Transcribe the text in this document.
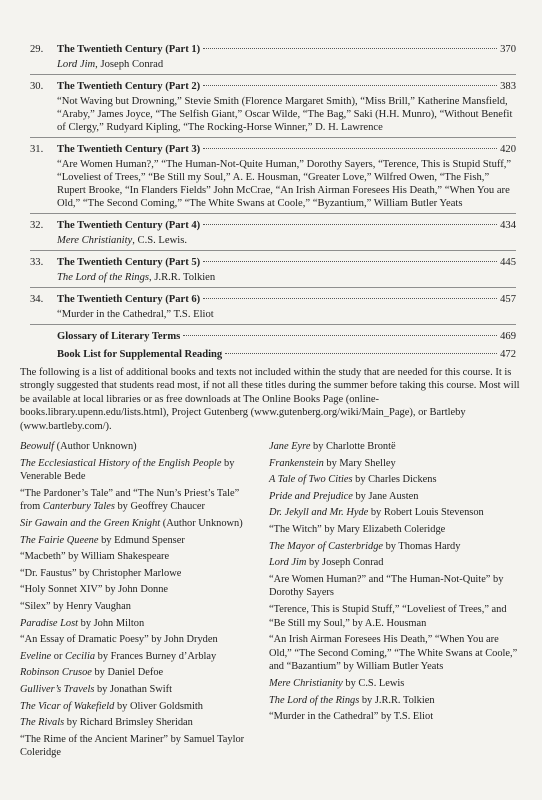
29.	The Twentieth Century (Part 1)	370
Lord Jim, Joseph Conrad
30.	The Twentieth Century (Part 2)	383
“Not Waving but Drowning,” Stevie Smith (Florence Margaret Smith), “Miss Brill,” Katherine Mansfield, “Araby,” James Joyce, “The Selfish Giant,” Oscar Wilde, “The Bag,” Saki (H.H. Munro), “Without Benefit of Clergy,” Rudyard Kipling, “The Rocking-Horse Winner,” D. H. Lawrence
31.	The Twentieth Century (Part 3)	420
“Are Women Human?,” “The Human-Not-Quite Human,” Dorothy Sayers, “Terence, This is Stupid Stuff,” “Loveliest of Trees,” “Be Still my Soul,” A. E. Housman, “Greater Love,” Wilfred Owen, “The Fish,” Rupert Brooke, “In Flanders Fields” John McCrae, “An Irish Airman Foresees His Death,” “When You are Old,” “The Second Coming,” “The White Swans at Coole,” “Byzantium,” William Butler Yeats
32.	The Twentieth Century (Part 4)	434
Mere Christianity, C.S. Lewis.
33.	The Twentieth Century (Part 5)	445
The Lord of the Rings, J.R.R. Tolkien
34.	The Twentieth Century (Part 6)	457
“Murder in the Cathedral,” T.S. Eliot
Glossary of Literary Terms	469
Book List for Supplemental Reading	472

The following is a list of additional books and texts not included within the study that are needed for this course. It is strongly suggested that students read most, if not all these titles during the summer before taking this course. Most will be available at local libraries or as free downloads at The Online Books Page (online-books.library.upenn.edu/lists.html), Project Gutenberg (www.gutenberg.org/wiki/Main_Page), or Bartleby (www.bartleby.com/).

Beowulf (Author Unknown)
The Ecclesiastical History of the English People by Venerable Bede
“The Pardoner’s Tale” and “The Nun’s Priest’s Tale” from Canterbury Tales by Geoffrey Chaucer
Sir Gawain and the Green Knight (Author Unknown)
The Fairie Queene by Edmund Spenser
“Macbeth” by William Shakespeare
“Dr. Faustus” by Christopher Marlowe
“Holy Sonnet XIV” by John Donne
“Silex” by Henry Vaughan
Paradise Lost by John Milton
“An Essay of Dramatic Poesy” by John Dryden
Eveline or Cecilia by Frances Burney d’Arblay
Robinson Crusoe by Daniel Defoe
Gulliver’s Travels by Jonathan Swift
The Vicar of Wakefield by Oliver Goldsmith
The Rivals by Richard Brimsley Sheridan
“The Rime of the Ancient Mariner” by Samuel Taylor Coleridge
Jane Eyre by Charlotte Brontë
Frankenstein by Mary Shelley
A Tale of Two Cities by Charles Dickens
Pride and Prejudice by Jane Austen
Dr. Jekyll and Mr. Hyde by Robert Louis Stevenson
“The Witch” by Mary Elizabeth Coleridge
The Mayor of Casterbridge by Thomas Hardy
Lord Jim by Joseph Conrad
“Are Women Human?” and “The Human-Not-Quite” by Dorothy Sayers
“Terence, This is Stupid Stuff,” “Loveliest of Trees,” and “Be Still my Soul,” by A.E. Housman
“An Irish Airman Foresees His Death,” “When You are Old,” “The Second Coming,” “The White Swans at Coole,” and “Bazantium” by William Butler Yeats
Mere Christianity by C.S. Lewis
The Lord of the Rings by J.R.R. Tolkien
“Murder in the Cathedral” by T.S. Eliot
